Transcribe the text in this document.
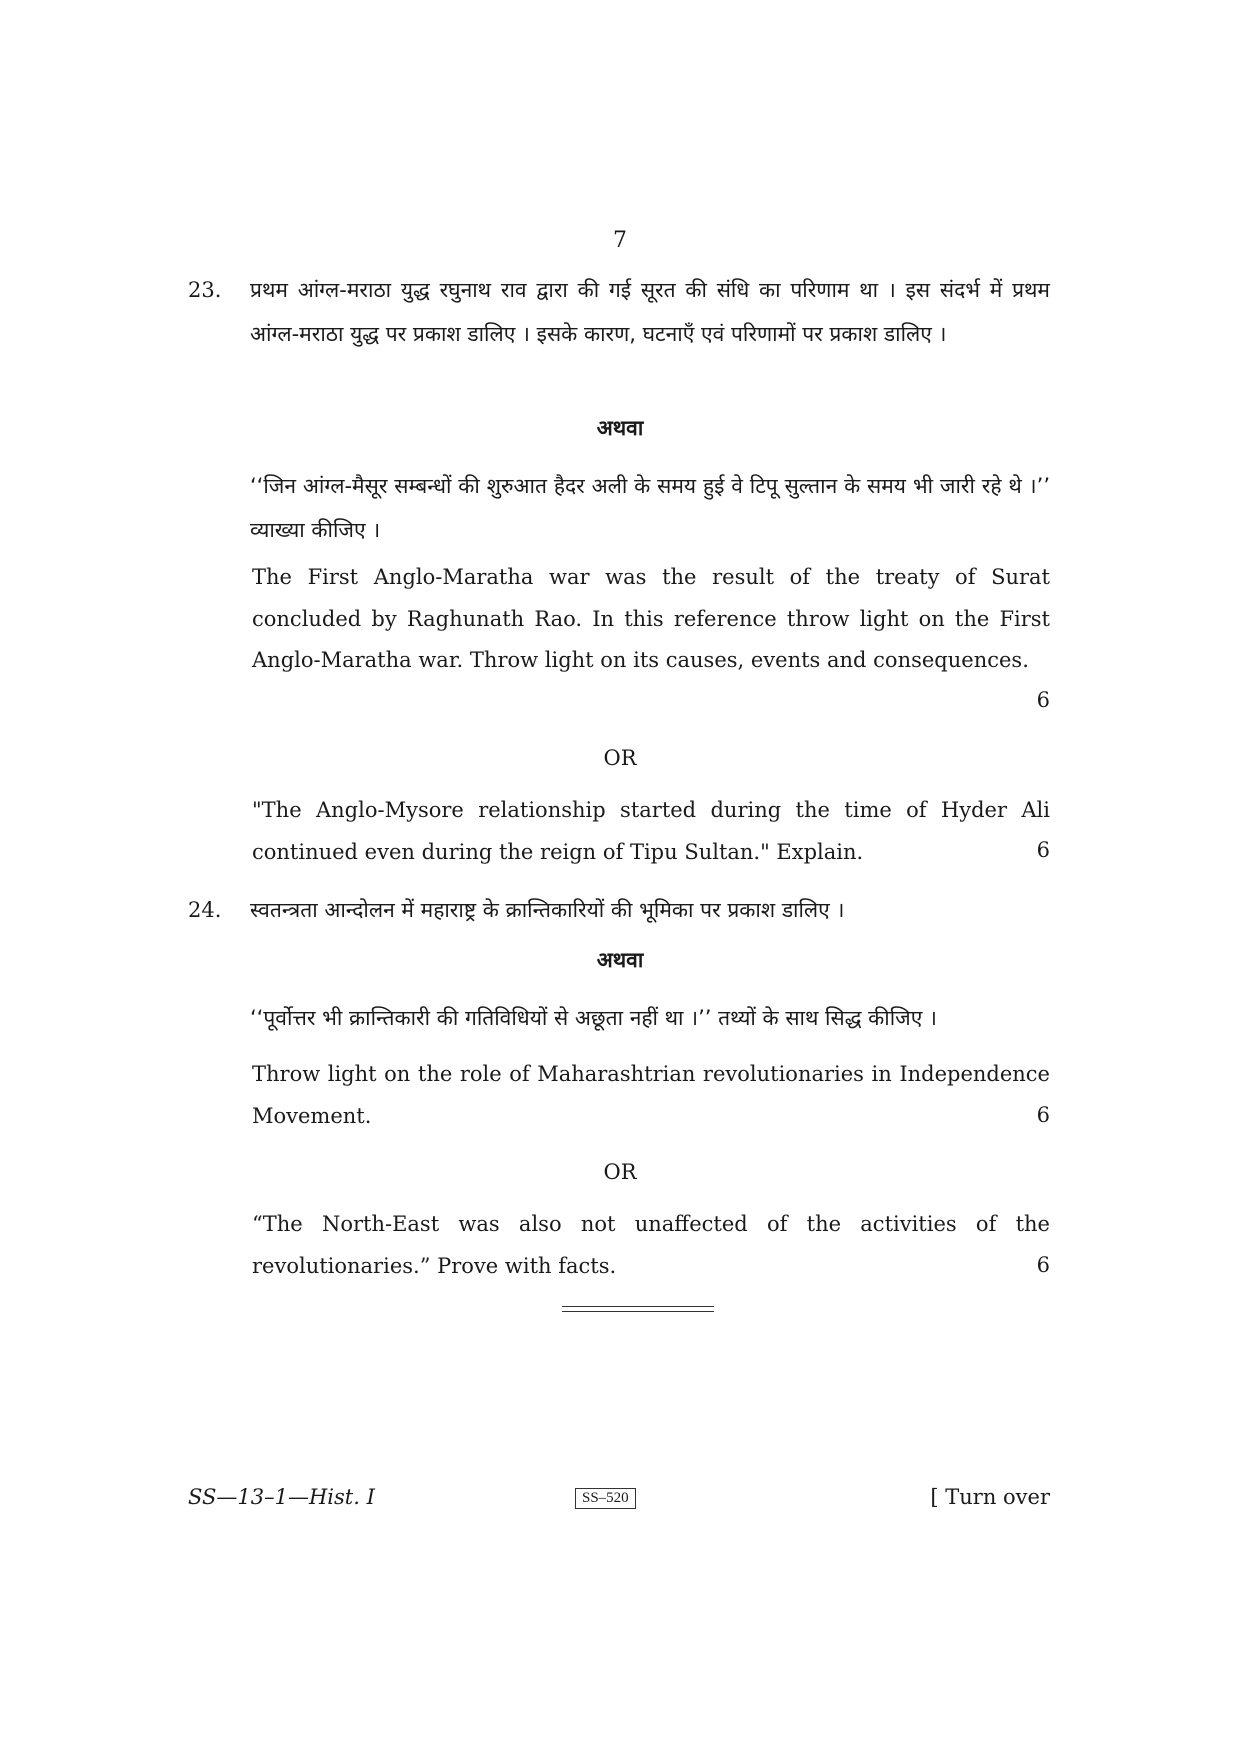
7
23. प्रथम आंग्ल-मराठा युद्ध रघुनाथ राव द्वारा की गई सूरत की संधि का परिणाम था । इस संदर्भ में प्रथम आंग्ल-मराठा युद्ध पर प्रकाश डालिए । इसके कारण, घटनाएँ एवं परिणामों पर प्रकाश डालिए ।
अथवा
‘‘जिन आंग्ल-मैसूर सम्बन्धों की शुरुआत हैदर अली के समय हुई वे टिपू सुल्तान के समय भी जारी रहे थे ।’’ व्याख्या कीजिए ।
The First Anglo-Maratha war was the result of the treaty of Surat concluded by Raghunath Rao. In this reference throw light on the First Anglo-Maratha war. Throw light on its causes, events and consequences.
6
OR
"The Anglo-Mysore relationship started during the time of Hyder Ali continued even during the reign of Tipu Sultan." Explain.	6
24. स्वतन्त्रता आन्दोलन में महाराष्ट्र के क्रान्तिकारियों की भूमिका पर प्रकाश डालिए ।
अथवा
‘‘पूर्वोत्तर भी क्रान्तिकारी की गतिविधियों से अछूता नहीं था ।’’ तथ्यों के साथ सिद्ध कीजिए ।
Throw light on the role of Maharashtrian revolutionaries in Independence Movement.	6
OR
“The North-East was also not unaffected of the activities of the revolutionaries.” Prove with facts.	6
SS—13–1—Hist. I	SS–520	[ Turn over
